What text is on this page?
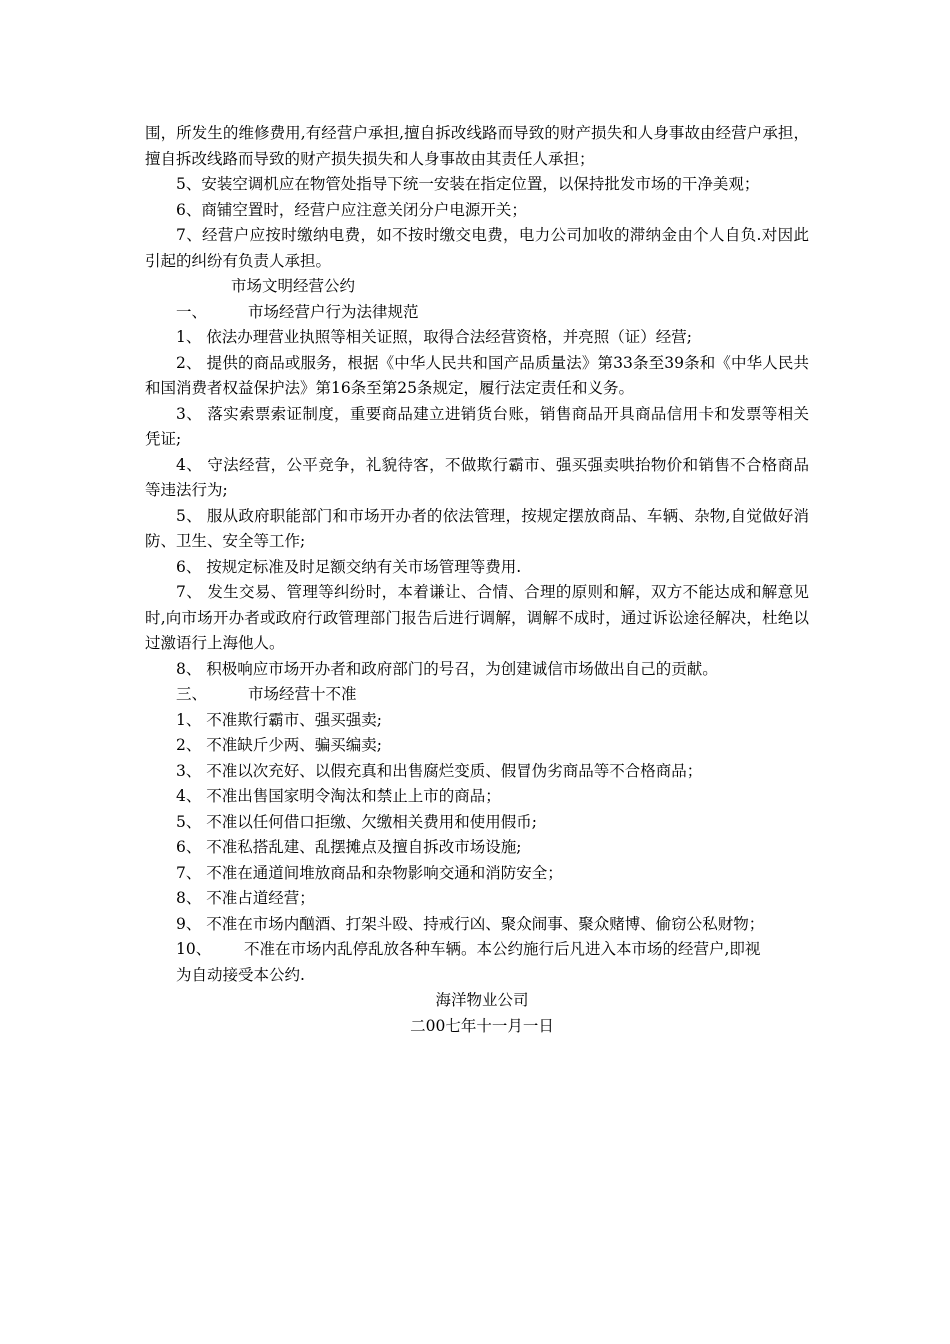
围，所发生的维修费用,有经营户承担,擅自拆改线路而导致的财产损失和人身事故由经营户承担，擅自拆改线路而导致的财产损失损失和人身事故由其责任人承担；

5、安装空调机应在物管处指导下统一安装在指定位置，以保持批发市场的干净美观；

6、商铺空置时，经营户应注意关闭分户电源开关；

7、经营户应按时缴纳电费，如不按时缴交电费，电力公司加收的滞纳金由个人自负.对因此引起的纠纷有负责人承担。

市场文明经营公约

一、	市场经营户行为法律规范

1、 依法办理营业执照等相关证照，取得合法经营资格，并亮照（证）经营;

2、 提供的商品或服务，根据《中华人民共和国产品质量法》第33条至39条和《中华人民共和国消费者权益保护法》第16条至第25条规定，履行法定责任和义务。

3、 落实索票索证制度，重要商品建立进销货台账，销售商品开具商品信用卡和发票等相关凭证;

4、 守法经营，公平竞争，礼貌待客，不做欺行霸市、强买强卖哄抬物价和销售不合格商品等违法行为;

5、 服从政府职能部门和市场开办者的依法管理，按规定摆放商品、车辆、杂物,自觉做好消防、卫生、安全等工作;

6、 按规定标准及时足额交纳有关市场管理等费用.

7、 发生交易、管理等纠纷时，本着谦让、合情、合理的原则和解，双方不能达成和解意见时,向市场开办者或政府行政管理部门报告后进行调解，调解不成时，通过诉讼途径解决，杜绝以过激语行上海他人。

8、 积极响应市场开办者和政府部门的号召，为创建诚信市场做出自己的贡献。

三、	市场经营十不准

1、 不准欺行霸市、强买强卖;

2、 不准缺斤少两、骗买编卖;

3、 不准以次充好、以假充真和出售腐烂变质、假冒伪劣商品等不合格商品；

4、 不准出售国家明令淘汰和禁止上市的商品；

5、 不准以任何借口拒缴、欠缴相关费用和使用假币;

6、 不准私搭乱建、乱摆摊点及擅自拆改市场设施;

7、 不准在通道间堆放商品和杂物影响交通和消防安全；

8、 不准占道经营；

9、 不准在市场内酗酒、打架斗殴、持戒行凶、聚众闹事、聚众赌博、偷窃公私财物；

10、 不准在市场内乱停乱放各种车辆。本公约施行后凡进入本市场的经营户,即视

为自动接受本公约.

海洋物业公司

二00七年十一月一日
